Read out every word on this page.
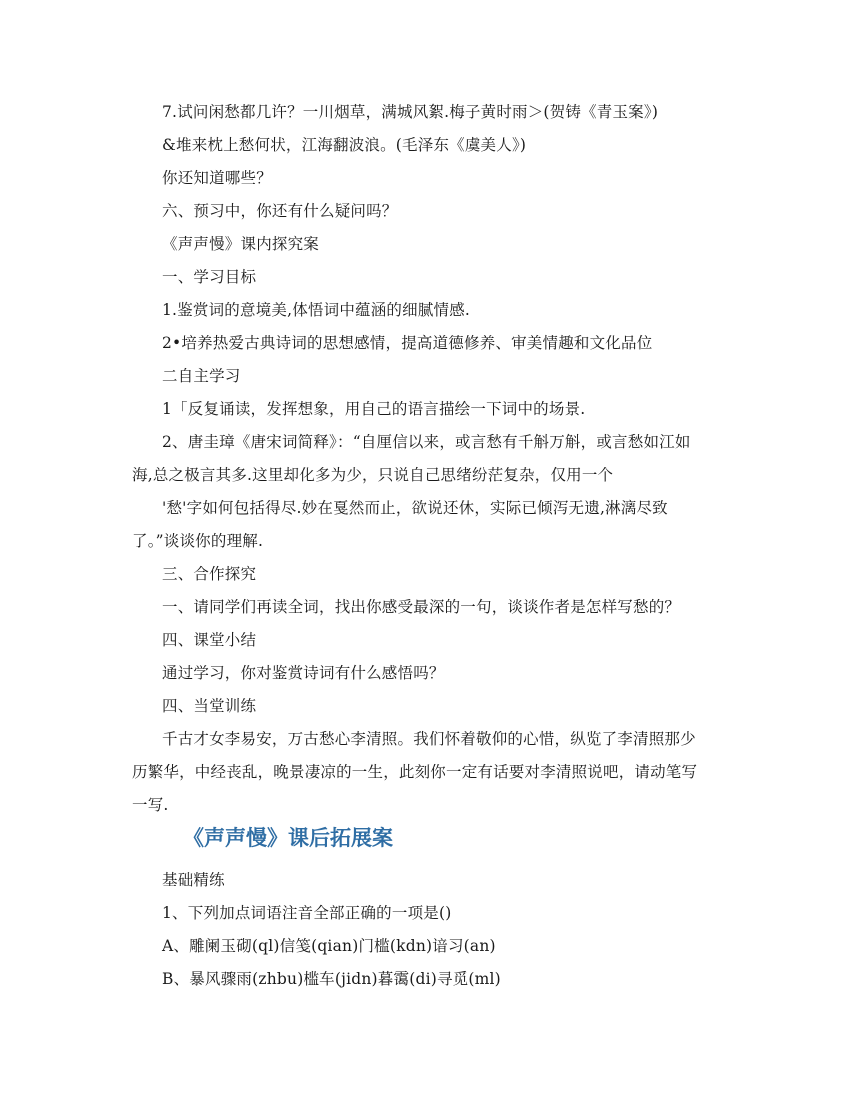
7.试问闲愁都几许？一川烟草，满城风絮.梅子黄时雨＞(贺铸《青玉案》)
&堆来枕上愁何状，江海翻波浪。(毛泽东《虞美人》)
你还知道哪些？
六、预习中，你还有什么疑问吗？
《声声慢》课内探究案
一、学习目标
1.鉴赏词的意境美,体悟词中蕴涵的细腻情感.
2•培养热爱古典诗词的思想感情，提高道德修养、审美情趣和文化品位
二自主学习
1「反复诵读，发挥想象，用自己的语言描绘一下词中的场景.
2、唐圭璋《唐宋词简释》：“自厘信以来，或言愁有千斛万斛，或言愁如江如
海,总之极言其多.这里却化多为少，只说自己思绪纷茫复杂，仅用一个
'愁'字如何包括得尽.妙在戛然而止，欲说还休，实际已倾泻无遗,淋漓尽致
了。”谈谈你的理解.
三、合作探究
一、请同学们再读全词，找出你感受最深的一句，谈谈作者是怎样写愁的？
四、课堂小结
通过学习，你对鉴赏诗词有什么感悟吗？
四、当堂训练
千古才女李易安，万古愁心李清照。我们怀着敬仰的心惜，纵览了李清照那少
历繁华，中经丧乱，晚景凄凉的一生，此刻你一定有话要对李清照说吧，请动笔写
一写.
《声声慢》课后拓展案
基础精练
1、下列加点词语注音全部正确的一项是()
A、雕阑玉砌(ql)信笺(qian)门槛(kdn)谙习(an)
B、暴风骤雨(zhbu)槛车(jidn)暮霭(di)寻觅(ml)
